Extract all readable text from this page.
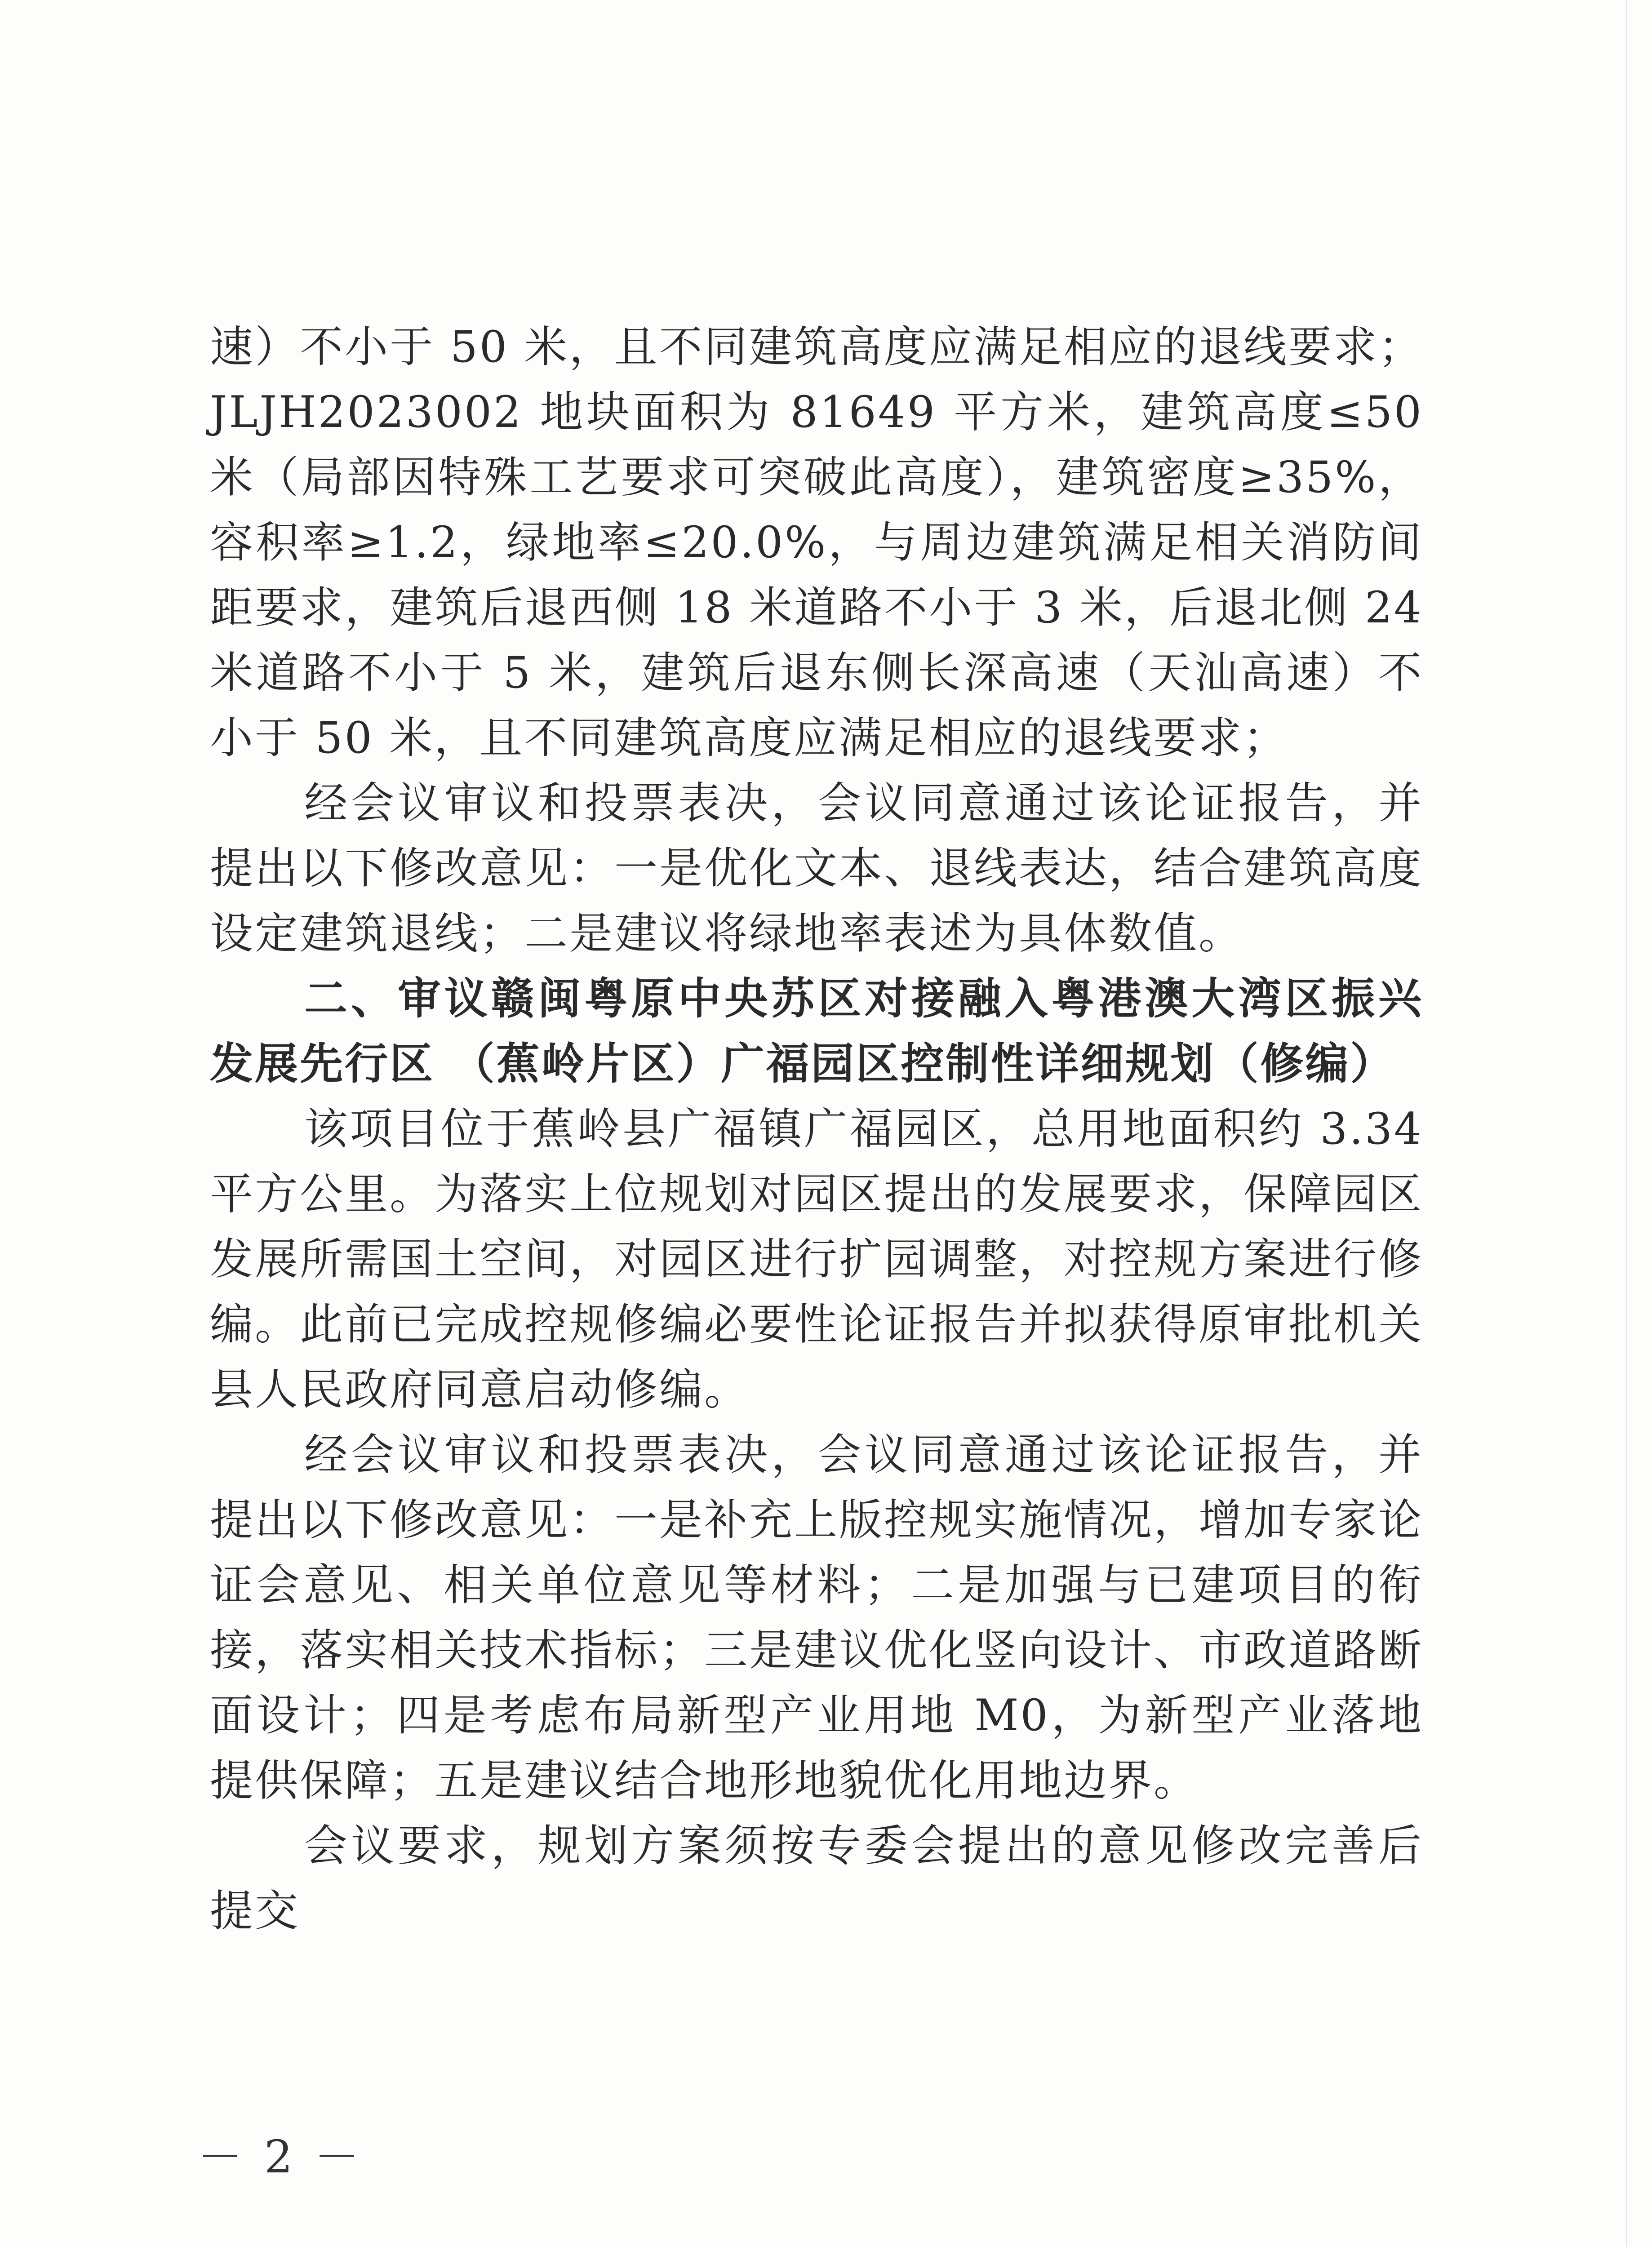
速）不小于 50 米，且不同建筑高度应满足相应的退线要求；JLJH2023002 地块面积为 81649 平方米，建筑高度≤50 米（局部因特殊工艺要求可突破此高度），建筑密度≥35%，容积率≥1.2，绿地率≤20.0%，与周边建筑满足相关消防间距要求，建筑后退西侧 18 米道路不小于 3 米，后退北侧 24 米道路不小于 5 米，建筑后退东侧长深高速（天汕高速）不小于 50 米，且不同建筑高度应满足相应的退线要求；

经会议审议和投票表决，会议同意通过该论证报告，并提出以下修改意见：一是优化文本、退线表达，结合建筑高度设定建筑退线；二是建议将绿地率表述为具体数值。

二、审议赣闽粤原中央苏区对接融入粤港澳大湾区振兴发展先行区 （蕉岭片区）广福园区控制性详细规划（修编）

该项目位于蕉岭县广福镇广福园区，总用地面积约 3.34 平方公里。为落实上位规划对园区提出的发展要求，保障园区发展所需国土空间，对园区进行扩园调整，对控规方案进行修编。此前已完成控规修编必要性论证报告并拟获得原审批机关县人民政府同意启动修编。

经会议审议和投票表决，会议同意通过该论证报告，并提出以下修改意见：一是补充上版控规实施情况，增加专家论证会意见、相关单位意见等材料；二是加强与已建项目的衔接，落实相关技术指标；三是建议优化竖向设计、市政道路断面设计；四是考虑布局新型产业用地 M0，为新型产业落地提供保障；五是建议结合地形地貌优化用地边界。

会议要求，规划方案须按专委会提出的意见修改完善后提交

－ 2 －
